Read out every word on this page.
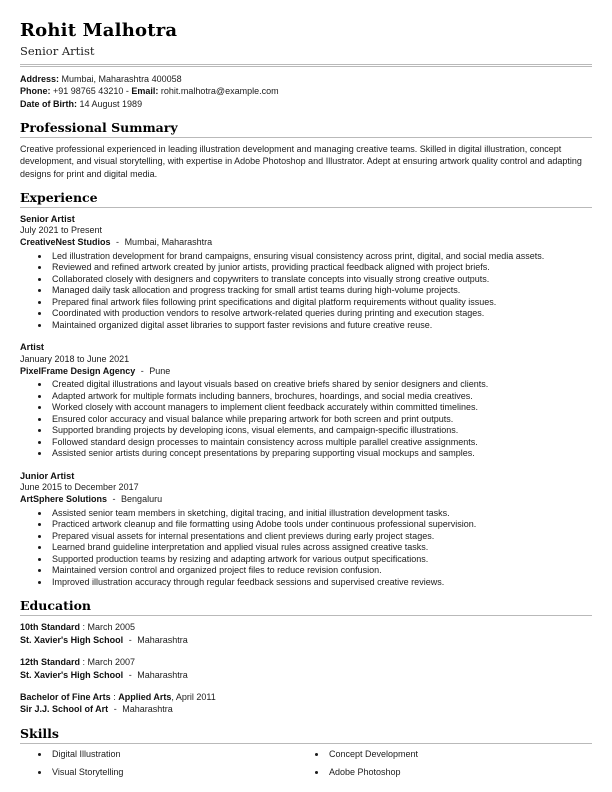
Rohit Malhotra
Senior Artist
Address: Mumbai, Maharashtra 400058
Phone: +91 98765 43210 - Email: rohit.malhotra@example.com
Date of Birth: 14 August 1989
Professional Summary

Creative professional experienced in leading illustration development and managing creative teams. Skilled in digital illustration, concept development, and visual storytelling, with expertise in Adobe Photoshop and Illustrator. Adept at ensuring artwork quality control and adapting designs for print and digital media.

Experience
Senior Artist
July 2021 to Present
CreativeNest Studios - Mumbai, Maharashtra
• Led illustration development for brand campaigns, ensuring visual consistency across print, digital, and social media assets.
• Reviewed and refined artwork created by junior artists, providing practical feedback aligned with project briefs.
• Collaborated closely with designers and copywriters to translate concepts into visually strong creative outputs.
• Managed daily task allocation and progress tracking for small artist teams during high-volume projects.
• Prepared final artwork files following print specifications and digital platform requirements without quality issues.
• Coordinated with production vendors to resolve artwork-related queries during printing and execution stages.
• Maintained organized digital asset libraries to support faster revisions and future creative reuse.
Artist
January 2018 to June 2021
PixelFrame Design Agency - Pune
• Created digital illustrations and layout visuals based on creative briefs shared by senior designers and clients.
• Adapted artwork for multiple formats including banners, brochures, hoardings, and social media creatives.
• Worked closely with account managers to implement client feedback accurately within committed timelines.
• Ensured color accuracy and visual balance while preparing artwork for both screen and print outputs.
• Supported branding projects by developing icons, visual elements, and campaign-specific illustrations.
• Followed standard design processes to maintain consistency across multiple parallel creative assignments.
• Assisted senior artists during concept presentations by preparing supporting visual mockups and samples.
Junior Artist
June 2015 to December 2017
ArtSphere Solutions - Bengaluru
• Assisted senior team members in sketching, digital tracing, and initial illustration development tasks.
• Practiced artwork cleanup and file formatting using Adobe tools under continuous professional supervision.
• Prepared visual assets for internal presentations and client previews during early project stages.
• Learned brand guideline interpretation and applied visual rules across assigned creative tasks.
• Supported production teams by resizing and adapting artwork for various output specifications.
• Maintained version control and organized project files to reduce revision confusion.
• Improved illustration accuracy through regular feedback sessions and supervised creative reviews.
Education
10th Standard : March 2005
St. Xavier's High School - Maharashtra
12th Standard : March 2007
St. Xavier's High School - Maharashtra
Bachelor of Fine Arts : Applied Arts, April 2011
Sir J.J. School of Art - Maharashtra
Skills
• Digital Illustration
• Visual Storytelling
• Concept Development
• Adobe Photoshop
